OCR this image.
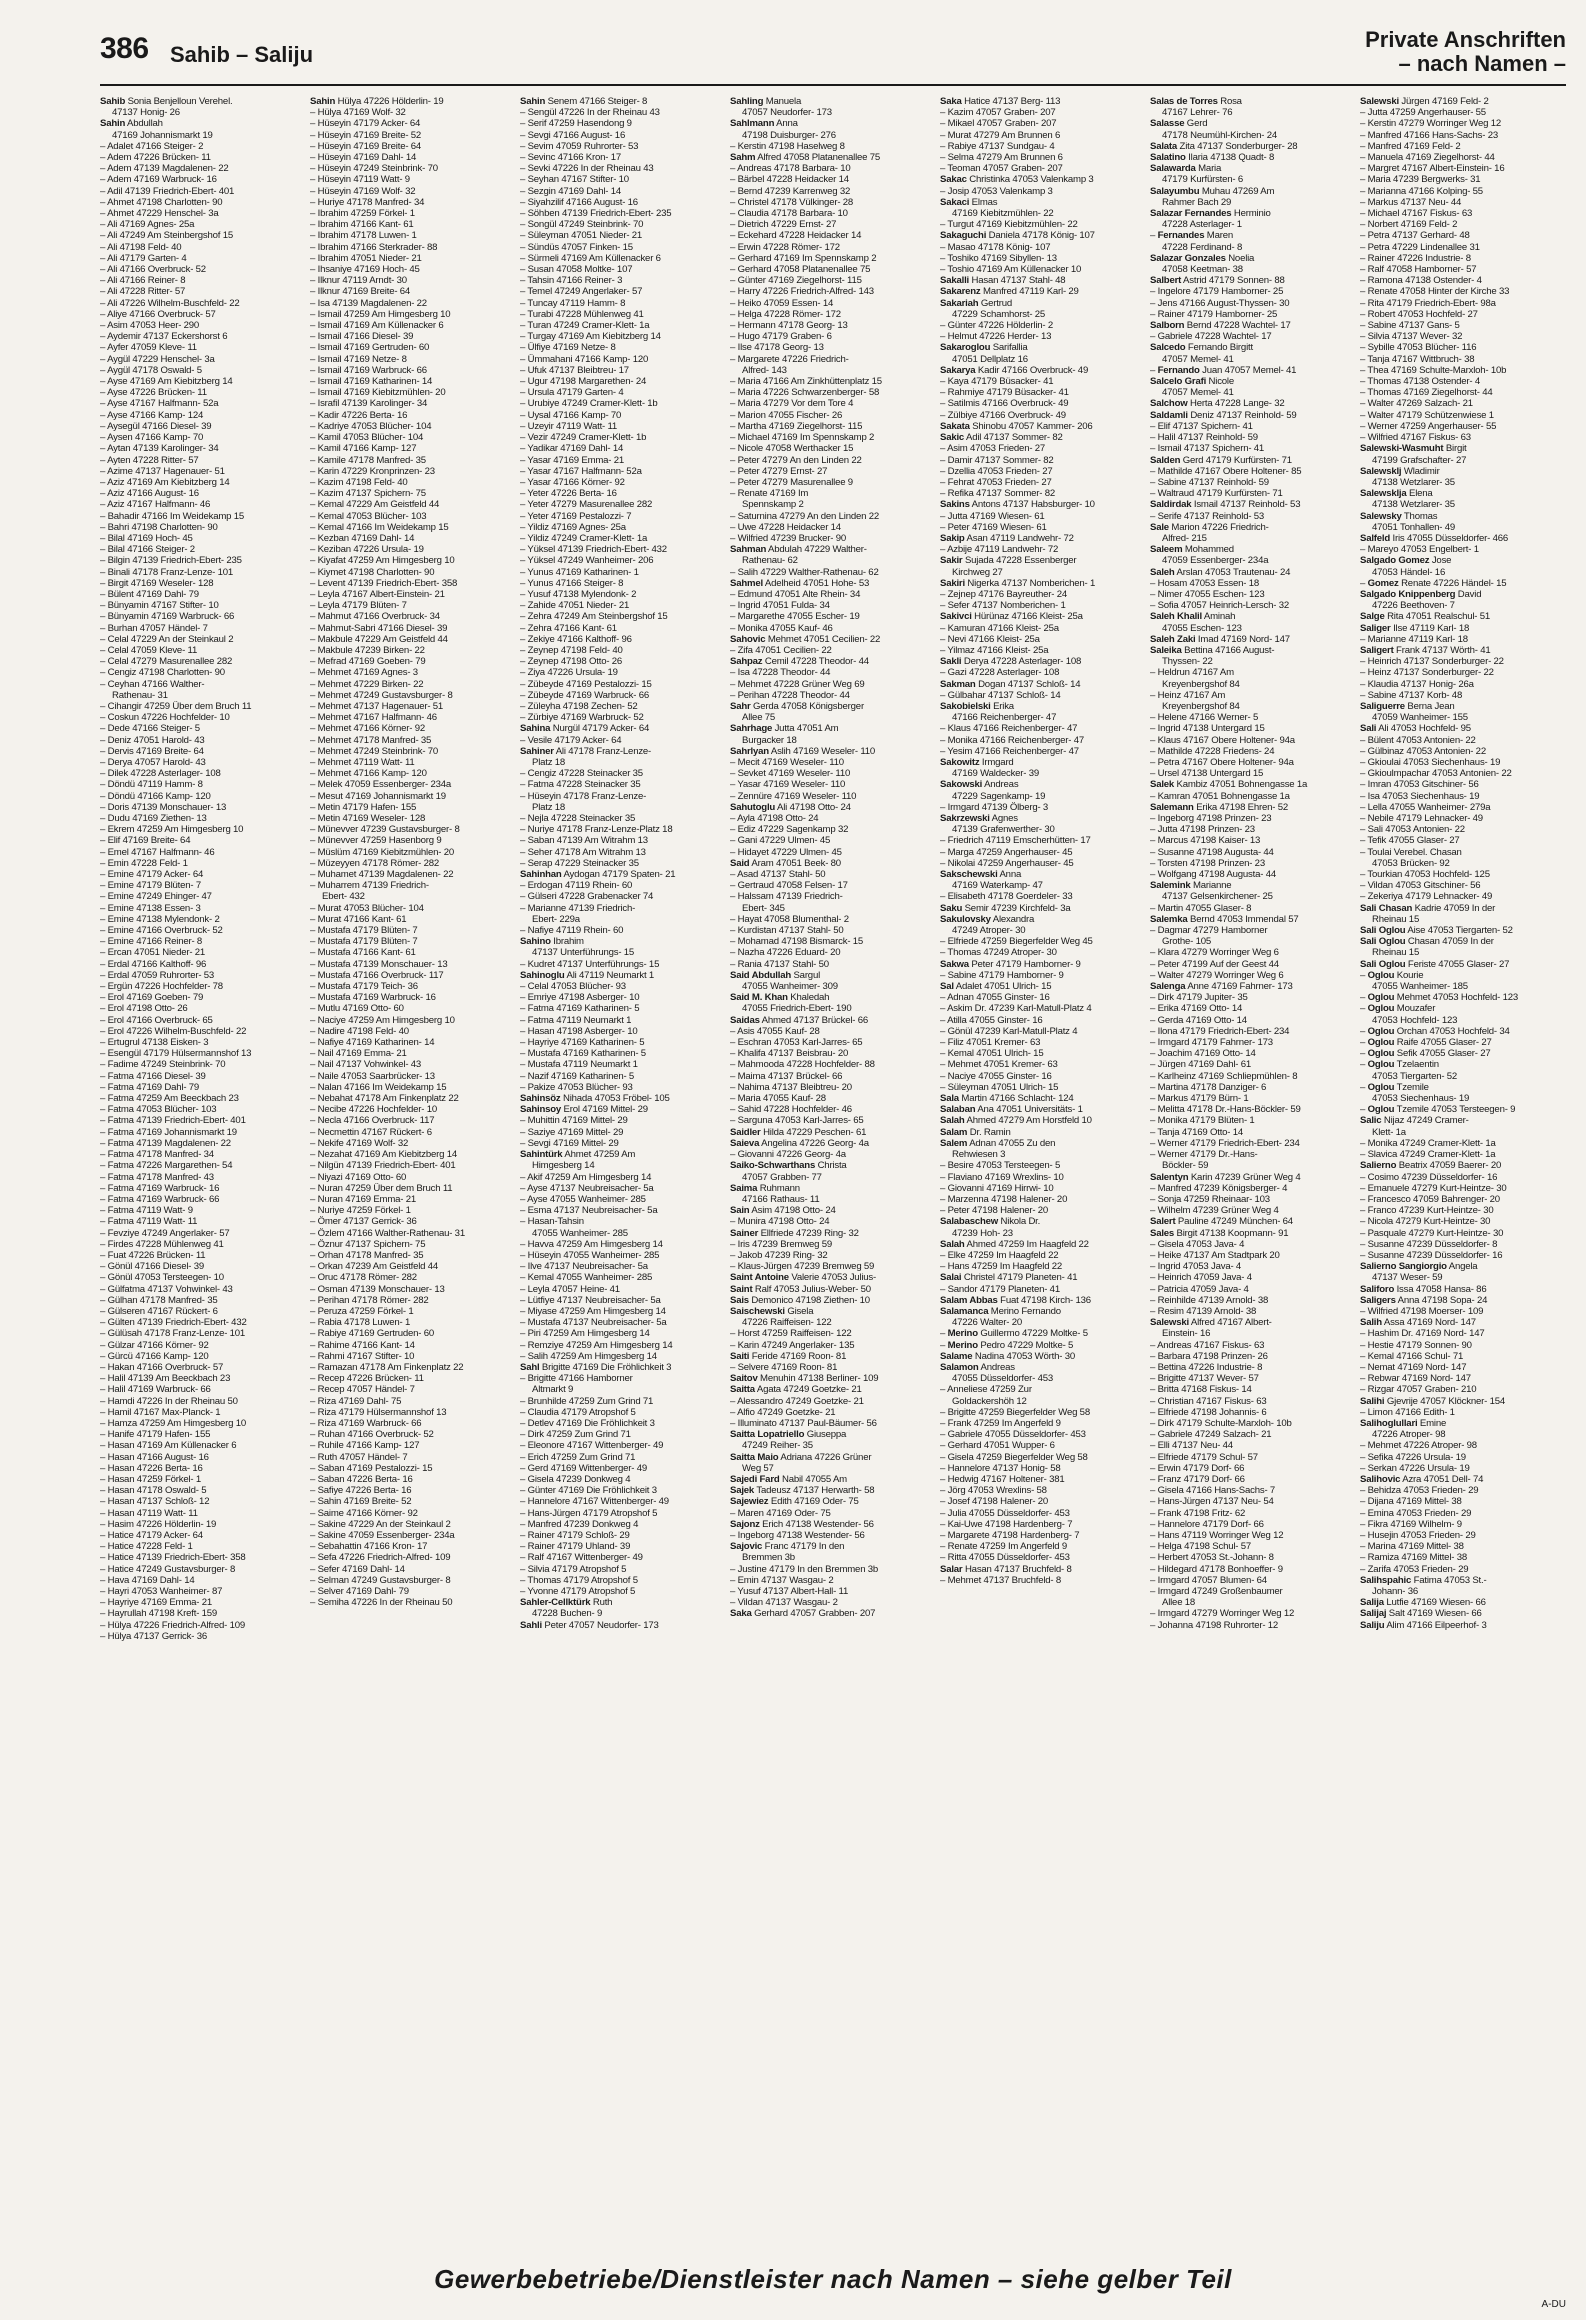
386 Sahib – Saliju
Private Anschriften
– nach Namen –
Sahib Sonia Benjelloun Verehel.
47137 Honig- 26
Sahin Abdullah
47169 Johannismarkt 19
– Adalet 47166 Steiger- 2
– Adem 47226 Brücken- 11
– Adem 47139 Magdalenen- 22
– Adem 47169 Warbruck- 16
– Adil 47139 Friedrich-Ebert- 401
– Ahmet 47198 Charlotten- 90
– Ahmet 47229 Henschel- 3a
– Ali 47169 Agnes- 25a
– Ali 47249 Am Steinbergshof 15
– Ali 47198 Feld- 40
– Ali 47179 Garten- 4
– Ali 47166 Overbruck- 52
– Ali 47166 Reiner- 8
– Ali 47228 Ritter- 57
– Ali 47226 Wilhelm-Buschfeld- 22
– Aliye 47166 Overbruck- 57
– Asim 47053 Heer- 290
– Aydemir 47137 Eckershorst 6
– Ayfer 47059 Kleve- 11
– Aygül 47229 Henschel- 3a
– Aygül 47178 Oswald- 5
– Ayse 47169 Am Kiebitzberg 14
– Ayse 47226 Brücken- 11
– Ayse 47167 Halfmann- 52a
– Ayse 47166 Kamp- 124
– Aysegül 47166 Diesel- 39
– Aysen 47166 Kamp- 70
– Aytan 47139 Karolinger- 34
– Ayten 47228 Ritter- 57
– Azime 47137 Hagenauer- 51
– Aziz 47169 Am Kiebitzberg 14
– Aziz 47166 August- 16
– Aziz 47167 Halfmann- 46
– Bahadir 47166 Im Weidekamp 15
– Bahri 47198 Charlotten- 90
– Bilal 47169 Hoch- 45
– Bilal 47166 Steiger- 2
– Bilgin 47139 Friedrich-Ebert- 235
– Binali 47178 Franz-Lenze- 101
– Birgit 47169 Weseler- 128
– Bülent 47169 Dahl- 79
– Bünyamin 47167 Stifter- 10
– Bünyamin 47169 Warbruck- 66
– Burhan 47057 Händel- 7
– Celal 47229 An der Steinkaul 2
– Celal 47059 Kleve- 11
– Celal 47279 Masurenallee 282
– Cengiz 47198 Charlotten- 90
– Ceyhan 47166 Walther-
Rathenau- 31
– Cihangir 47259 Über dem Bruch 11
– Coskun 47226 Hochfelder- 10
– Dede 47166 Steiger- 5
– Deniz 47051 Harold- 43
– Dervis 47169 Breite- 64
– Derya 47057 Harold- 43
– Dilek 47228 Asterlager- 108
– Döndü 47119 Hamm- 8
– Döndü 47166 Kamp- 120
– Doris 47139 Monschauer- 13
– Dudu 47169 Ziethen- 13
– Ekrem 47259 Am Himgesberg 10
– Elif 47169 Breite- 64
– Emel 47167 Halfmann- 46
– Emin 47228 Feld- 1
– Emine 47179 Acker- 64
– Emine 47179 Blüten- 7
– Emine 47249 Ehinger- 47
– Emine 47138 Essen- 3
– Emine 47138 Mylendonk- 2
– Emine 47166 Overbruck- 52
– Emine 47166 Reiner- 8
– Ercan 47051 Nieder- 21
– Erdal 47166 Kalthoff- 96
– Erdal 47059 Ruhrorter- 53
– Ergün 47226 Hochfelder- 78
– Erol 47169 Goeben- 79
– Erol 47198 Otto- 26
– Erol 47166 Overbruck- 65
– Erol 47226 Wilhelm-Buschfeld- 22
– Ertugrul 47138 Eisken- 3
– Esengül 47179 Hülsermannshof 13
– Fadime 47249 Steinbrink- 70
– Fatma 47166 Diesel- 39
– Fatma 47169 Dahl- 79
– Fatma 47259 Am Beeckbach 23
– Fatma 47053 Blücher- 103
– Fatma 47139 Friedrich-Ebert- 401
– Fatma 47169 Johannismarkt 19
– Fatma 47139 Magdalenen- 22
– Fatma 47178 Manfred- 34
– Fatma 47226 Margarethen- 54
– Fatma 47178 Manfred- 43
– Fatma 47169 Warbruck- 16
– Fatma 47169 Warbruck- 66
– Fatma 47119 Watt- 9
– Fatma 47119 Watt- 11
– Fevziye 47249 Angerlaker- 57
– Firdes 47228 Mühlenweg 41
– Fuat 47226 Brücken- 11
– Gönül 47166 Diesel- 39
– Gönül 47053 Tersteegen- 10
– Gülfatma 47137 Vohwinkel- 43
– Gülhan 47178 Manfred- 35
– Gülseren 47167 Rückert- 6
– Gülten 47139 Friedrich-Ebert- 432
– Gülüsah 47178 Franz-Lenze- 101
– Gülzar 47166 Körner- 92
– Gürcü 47166 Kamp- 120
– Hakan 47166 Overbruck- 57
– Halil 47139 Am Beeckbach 23
– Halil 47169 Warbruck- 66
– Hamdi 47226 In der Rheinau 50
– Hamil 47167 Max-Planck- 1
– Hamza 47259 Am Himgesberg 10
– Hanife 47179 Hafen- 155
– Hasan 47169 Am Küllenacker 6
– Hasan 47166 August- 16
– Hasan 47226 Berta- 16
– Hasan 47259 Förkel- 1
– Hasan 47178 Oswald- 5
– Hasan 47137 Schloß- 12
– Hasan 47119 Watt- 11
– Hasim 47226 Hölderlin- 19
– Hatice 47179 Acker- 64
– Hatice 47228 Feld- 1
– Hatice 47139 Friedrich-Ebert- 358
– Hatice 47249 Gustavsburger- 8
– Hava 47169 Dahl- 14
– Hayri 47053 Wanheimer- 87
– Hayriye 47169 Emma- 21
– Hayrullah 47198 Kreft- 159
– Hülya 47226 Friedrich-Alfred- 109
– Hülya 47137 Gerrick- 36
Sahin Hülya 47226 Hölderlin- 19
– Hülya 47169 Wolf- 32
– Hüseyin 47179 Acker- 64
– Hüseyin 47169 Breite- 52
– Hüseyin 47169 Breite- 64
– Hüseyin 47169 Dahl- 14
– Hüseyin 47249 Steinbrink- 70
– Hüseyin 47119 Watt- 9
– Hüseyin 47169 Wolf- 32
– Huriye 47178 Manfred- 34
– Ibrahim 47259 Förkel- 1
– Ibrahim 47166 Kant- 61
– Ibrahim 47178 Luwen- 1
– Ibrahim 47166 Sterkrader- 88
– Ibrahim 47051 Nieder- 21
– Ihsaniye 47169 Hoch- 45
– Ilknur 47119 Arndt- 30
– Ilknur 47169 Breite- 64
– Isa 47139 Magdalenen- 22
– Ismail 47259 Am Himgesberg 10
– Ismail 47169 Am Küllenacker 6
– Ismail 47166 Diesel- 39
– Ismail 47169 Gertruden- 60
– Ismail 47169 Netze- 8
– Ismail 47169 Warbruck- 66
– Ismail 47169 Katharinen- 14
– Ismail 47169 Kiebitzmühlen- 20
– Israfil 47139 Karolinger- 34
– Kadir 47226 Berta- 16
– Kadriye 47053 Blücher- 104
– Kamil 47053 Blücher- 104
– Kamil 47166 Kamp- 127
– Kamile 47178 Manfred- 35
– Karin 47229 Kronprinzen- 23
– Kazim 47198 Feld- 40
– Kazim 47137 Spichern- 75
– Kemal 47229 Am Geistfeld 44
– Kemal 47053 Blücher- 103
– Kemal 47166 Im Weidekamp 15
– Kezban 47169 Dahl- 14
– Keziban 47226 Ursula- 19
– Kiyafat 47259 Am Himgesberg 10
– Kiymet 47198 Charlotten- 90
– Levent 47139 Friedrich-Ebert- 358
– Leyla 47167 Albert-Einstein- 21
– Leyla 47179 Blüten- 7
– Mahmut 47166 Overbruck- 34
– Mahmut-Sabri 47166 Diesel- 39
– Makbule 47229 Am Geistfeld 44
– Makbule 47239 Birken- 22
– Mefrad 47169 Goeben- 79
– Mehmet 47169 Agnes- 3
– Mehmet 47229 Birken- 22
– Mehmet 47249 Gustavsburger- 8
– Mehmet 47137 Hagenauer- 51
– Mehmet 47167 Halfmann- 46
– Mehmet 47166 Körner- 92
– Mehmet 47178 Manfred- 35
– Mehmet 47249 Steinbrink- 70
– Mehmet 47119 Watt- 11
– Mehmet 47166 Kamp- 120
– Melek 47059 Essenberger- 234a
– Mesut 47169 Johannismarkt 19
– Metin 47179 Hafen- 155
– Metin 47169 Weseler- 128
– Münevver 47239 Gustavsburger- 8
– Münevver 47259 Hasenborg 9
– Müslüm 47169 Kiebitzmühlen- 20
– Müzeyyen 47178 Römer- 282
– Muhamet 47139 Magdalenen- 22
– Muharrem 47139 Friedrich-
Ebert- 432
– Murat 47053 Blücher- 104
– Murat 47166 Kant- 61
– Mustafa 47179 Blüten- 7
– Mustafa 47179 Blüten- 7
– Mustafa 47166 Kant- 61
– Mustafa 47139 Monschauer- 13
– Mustafa 47166 Overbruck- 117
– Mustafa 47179 Teich- 36
– Mustafa 47169 Warbruck- 16
– Mutlu 47169 Otto- 60
– Naciye 47259 Am Himgesberg 10
– Nadire 47198 Feld- 40
– Nafiye 47169 Katharinen- 14
– Nail 47169 Emma- 21
– Nail 47137 Vohwinkel- 43
– Naile 47053 Saarbrücker- 13
– Nalan 47166 Im Weidekamp 15
– Nebahat 47178 Am Finkenplatz 22
– Necibe 47226 Hochfelder- 10
– Necla 47166 Overbruck- 117
– Necmettin 47167 Rückert- 6
– Nekife 47169 Wolf- 32
– Nezahat 47169 Am Kiebitzberg 14
– Nilgün 47139 Friedrich-Ebert- 401
– Niyazi 47169 Otto- 60
– Nuran 47259 Über dem Bruch 11
– Nuran 47169 Emma- 21
– Nuriye 47259 Förkel- 1
– Ömer 47137 Gerrick- 36
– Özlem 47166 Walther-Rathenau- 31
– Öznur 47137 Spichern- 75
– Orhan 47178 Manfred- 35
– Orkan 47239 Am Geistfeld 44
– Oruc 47178 Römer- 282
– Osman 47139 Monschauer- 13
– Perihan 47178 Römer- 282
– Peruza 47259 Förkel- 1
– Rabia 47178 Luwen- 1
– Rabiye 47169 Gertruden- 60
– Rahime 47166 Kant- 14
– Rahmi 47167 Stifter- 10
– Ramazan 47178 Am Finkenplatz 22
– Recep 47226 Brücken- 11
– Recep 47057 Händel- 7
– Riza 47169 Dahl- 75
– Riza 47179 Hülsermannshof 13
– Riza 47169 Warbruck- 66
– Ruhan 47166 Overbruck- 52
– Ruhile 47166 Kamp- 127
– Ruth 47057 Händel- 7
– Saban 47169 Pestalozzi- 15
– Saban 47226 Berta- 16
– Safiye 47226 Berta- 16
– Sahin 47169 Breite- 52
– Saime 47166 Körner- 92
– Sakine 47229 An der Steinkaul 2
– Sakine 47059 Essenberger- 234a
– Sebahattin 47166 Kron- 17
– Sefa 47226 Friedrich-Alfred- 109
– Sefer 47169 Dahl- 14
– Selman 47249 Gustavsburger- 8
– Selver 47169 Dahl- 79
– Semiha 47226 In der Rheinau 50
Sahin Senem 47166 Steiger- 8
– Sengül 47226 In der Rheinau 43
– Serif 47259 Hasendong 9
– Sevgi 47166 August- 16
– Sevim 47059 Ruhrorter- 53
– Sevinc 47166 Kron- 17
– Sevki 47226 In der Rheinau 43
– Seyhan 47167 Stifter- 10
– Sezgin 47169 Dahl- 14
– Siyahzilif 47166 August- 16
– Söhben 47139 Friedrich-Ebert- 235
– Songül 47249 Steinbrink- 70
– Süleyman 47051 Nieder- 21
– Sündüs 47057 Finken- 15
– Sürmeli 47169 Am Küllenacker 6
– Susan 47058 Moltke- 107
– Tahsin 47166 Reiner- 3
– Temel 47249 Angerlaker- 57
– Tuncay 47119 Hamm- 8
– Turabi 47228 Mühlenweg 41
– Turan 47249 Cramer-Klett- 1a
– Turgay 47169 Am Kiebitzberg 14
– Ülfiye 47169 Netze- 8
– Ümmahani 47166 Kamp- 120
– Ufuk 47137 Bleibtreu- 17
– Ugur 47198 Margarethen- 24
– Ursula 47179 Garten- 4
– Urubiye 47249 Cramer-Klett- 1b
– Uysal 47166 Kamp- 70
– Uzeyir 47119 Watt- 11
– Vezir 47249 Cramer-Klett- 1b
– Yadikar 47169 Dahl- 14
– Yasar 47169 Emma- 21
– Yasar 47167 Halfmann- 52a
– Yasar 47166 Körner- 92
– Yeter 47226 Berta- 16
– Yeter 47279 Masurenallee 282
– Yeter 47169 Pestalozzi- 7
– Yildiz 47169 Agnes- 25a
– Yildiz 47249 Cramer-Klett- 1a
– Yüksel 47139 Friedrich-Ebert- 432
– Yüksel 47249 Wanheimer- 206
– Yunus 47169 Katharinen- 1
– Yunus 47166 Steiger- 8
– Yusuf 47138 Mylendonk- 2
– Zahide 47051 Nieder- 21
– Zehra 47249 Am Steinbergshof 15
– Zehra 47166 Kant- 61
– Zekiye 47166 Kalthoff- 96
– Zeynep 47198 Feld- 40
– Zeynep 47198 Otto- 26
– Ziya 47226 Ursula- 19
– Zübeyde 47169 Pestalozzi- 15
– Zübeyde 47169 Warbruck- 66
– Züleyha 47198 Zechen- 52
– Zürbiye 47169 Warbruck- 52
Sahina Nurgül 47179 Acker- 64
– Vesile 47179 Acker- 64
Sahiner Ali 47178 Franz-Lenze-
Platz 18
– Cengiz 47228 Steinacker 35
– Fatma 47228 Steinacker 35
– Hüseyin 47178 Franz-Lenze-
Platz 18
– Nejla 47228 Steinacker 35
– Nuriye 47178 Franz-Lenze-Platz 18
– Saban 47139 Am Witrahm 13
– Seher 47178 Am Witrahm 13
– Serap 47229 Steinacker 35
Sahinhan Aydogan 47179 Spaten- 21
– Erdogan 47119 Rhein- 60
– Gülseri 47228 Grabenacker 74
– Marianne 47139 Friedrich-
Ebert- 229a
– Nafiye 47119 Rhein- 60
Sahino Ibrahim
47137 Unterführungs- 15
– Kudret 47137 Unterführungs- 15
Sahinoglu Ali 47119 Neumarkt 1
– Celal 47053 Blücher- 93
– Emriye 47198 Asberger- 10
– Fatma 47169 Katharinen- 5
– Fatma 47119 Neumarkt 1
– Hasan 47198 Asberger- 10
– Hayriye 47169 Katharinen- 5
– Mustafa 47169 Katharinen- 5
– Mustafa 47119 Neumarkt 1
– Nazif 47169 Katharinen- 5
– Pakize 47053 Blücher- 93
Sahinsöz Nihada 47053 Fröbel- 105
Sahinsoy Erol 47169 Mittel- 29
– Muhittin 47169 Mittel- 29
– Saziye 47169 Mittel- 29
– Sevgi 47169 Mittel- 29
Sahintürk Ahmet 47259 Am
Himgesberg 14
– Akif 47259 Am Himgesberg 14
– Ayse 47137 Neubreisacher- 5a
– Ayse 47055 Wanheimer- 285
– Esma 47137 Neubreisacher- 5a
– Hasan-Tahsin
47055 Wanheimer- 285
– Havva 47259 Am Himgesberg 14
– Hüseyin 47055 Wanheimer- 285
– Ilve 47137 Neubreisacher- 5a
– Kemal 47055 Wanheimer- 285
– Leyla 47057 Heine- 41
– Lütfiye 47137 Neubreisacher- 5a
– Miyase 47259 Am Himgesberg 14
– Mustafa 47137 Neubreisacher- 5a
– Piri 47259 Am Himgesberg 14
– Remziye 47259 Am Himgesberg 14
– Salih 47259 Am Himgesberg 14
Sahl Brigitte 47169 Die Fröhlichkeit 3
– Brigitte 47166 Hamborner
Altmarkt 9
– Brunhilde 47259 Zum Grind 71
– Claudia 47179 Atropshof 5
– Detlev 47169 Die Fröhlichkeit 3
– Dirk 47259 Zum Grind 71
– Eleonore 47167 Wittenberger- 49
– Erich 47259 Zum Grind 71
– Gerd 47169 Wittenberger- 49
– Gisela 47239 Donkweg 4
– Günter 47169 Die Fröhlichkeit 3
– Hannelore 47167 Wittenberger- 49
– Hans-Jürgen 47179 Atropshof 5
– Manfred 47239 Donkweg 4
– Rainer 47179 Schloß- 29
– Rainer 47179 Uhland- 39
– Ralf 47167 Wittenberger- 49
– Silvia 47179 Atropshof 5
– Thomas 47179 Atropshof 5
– Yvonne 47179 Atropshof 5
Sahler-Cellktürk Ruth
47228 Buchen- 9
Sahli Peter 47057 Neudorfer- 173
Sahling Manuela
47057 Neudorfer- 173
Sahlmann Anna
47198 Duisburger- 276
– Kerstin 47198 Haselweg 8
Sahm Alfred 47058 Platanenallee 75
– Andreas 47178 Barbara- 10
– Bärbel 47228 Heidacker 14
– Bernd 47239 Karrenweg 32
– Christel 47178 Vülkinger- 28
– Claudia 47178 Barbara- 10
– Dietrich 47229 Ernst- 27
– Eckehard 47228 Heidacker 14
– Erwin 47228 Römer- 172
– Gerhard 47169 Im Spennskamp 2
– Gerhard 47058 Platanenallee 75
– Günter 47169 Ziegelhorst- 115
– Harry 47226 Friedrich-Alfred- 143
– Heiko 47059 Essen- 14
– Helga 47228 Römer- 172
– Hermann 47178 Georg- 13
– Hugo 47179 Graben- 6
– Ilse 47178 Georg- 13
– Margarete 47226 Friedrich-
Alfred- 143
– Maria 47166 Am Zinkhüttenplatz 15
– Maria 47226 Schwarzenberger- 58
– Maria 47279 Vor dem Tore 4
– Marion 47055 Fischer- 26
– Martha 47169 Ziegelhorst- 115
– Michael 47169 Im Spennskamp 2
– Nicole 47058 Werthacker 15
– Peter 47279 An den Linden 22
– Peter 47279 Ernst- 27
– Peter 47279 Masurenallee 9
– Renate 47169 Im
Spennskamp 2
– Saturnina 47279 An den Linden 22
– Uwe 47228 Heidacker 14
– Wilfried 47239 Brucker- 90
Sahman Abdulah 47229 Walther-
Rathenau- 62
– Salih 47229 Walther-Rathenau- 62
Sahmel Adelheid 47051 Hohe- 53
– Edmund 47051 Alte Rhein- 34
– Ingrid 47051 Fulda- 34
– Margarethe 47055 Escher- 19
– Monika 47055 Kauf- 46
Sahovic Mehmet 47051 Cecilien- 22
– Zifa 47051 Cecilien- 22
Sahpaz Cemil 47228 Theodor- 44
– Isa 47228 Theodor- 44
– Mehmet 47228 Grüner Weg 69
– Perihan 47228 Theodor- 44
Sahr Gerda 47058 Königsberger
Allee 75
Sahrhage Jutta 47051 Am
Burgacker 18
Sahrlyan Aslih 47169 Weseler- 110
– Mecit 47169 Weseler- 110
– Sevket 47169 Weseler- 110
– Yasar 47169 Weseler- 110
– Zennüre 47169 Weseler- 110
Sahutoglu Ali 47198 Otto- 24
– Ayla 47198 Otto- 24
– Ediz 47229 Sagenkamp 32
– Gani 47229 Ulmen- 45
– Hidayet 47229 Ulmen- 45
Said Aram 47051 Beek- 80
– Asad 47137 Stahl- 50
– Gertraud 47058 Felsen- 17
– Halssam 47139 Friedrich-
Ebert- 345
– Hayat 47058 Blumenthal- 2
– Kurdistan 47137 Stahl- 50
– Mohamad 47198 Bismarck- 15
– Nazha 47226 Eduard- 20
– Rania 47137 Stahl- 50
Said Abdullah Sargul
47055 Wanheimer- 309
Said M. Khan Khaledah
47055 Friedrich-Ebert- 190
Saidas Ahmed 47137 Brückel- 66
– Asis 47055 Kauf- 28
– Eschran 47053 Karl-Jarres- 65
– Khalifa 47137 Beisbrau- 20
– Mahmooda 47228 Hochfelder- 88
– Maima 47137 Brückel- 66
– Nahima 47137 Bleibtreu- 20
– Maria 47055 Kauf- 28
– Sahid 47228 Hochfelder- 46
– Sarguna 47053 Karl-Jarres- 65
Saidler Hilda 47229 Peschen- 61
Saieva Angelina 47226 Georg- 4a
– Giovanni 47226 Georg- 4a
Saiko-Schwarthans Christa
47057 Grabben- 77
Saima Ruhmann
47166 Rathaus- 11
Sain Asim 47198 Otto- 24
– Munira 47198 Otto- 24
Sainer Ellfriede 47239 Ring- 32
– Iris 47239 Bremweg 59
– Jakob 47239 Ring- 32
– Klaus-Jürgen 47239 Bremweg 59
Saint Antoine Valerie 47053 Julius-
Saint Ralf 47053 Julius-Weber- 50
Sais Demonico 47198 Ziethen- 10
Saischewski Gisela
47226 Raiffeisen- 122
– Horst 47259 Raiffeisen- 122
– Karin 47249 Angerlaker- 135
Saiti Feride 47169 Roon- 81
– Selvere 47169 Roon- 81
Saitov Menuhin 47138 Berliner- 109
Saitta Agata 47249 Goetzke- 21
– Alessandro 47249 Goetzke- 21
– Alfio 47249 Goetzke- 21
– Illuminato 47137 Paul-Bäumer- 56
Saitta Lopatriello Giuseppa
47249 Reiher- 35
Saitta Maio Adriana 47226 Grüner
Weg 57
Sajedi Fard Nabil 47055 Am
Sajek Tadeusz 47137 Herwarth- 58
Sajewiez Edith 47169 Oder- 75
– Maren 47169 Oder- 75
Sajonz Erich 47138 Westender- 56
– Ingeborg 47138 Westender- 56
Sajovic Franc 47179 In den
Bremmen 3b
– Justine 47179 In den Bremmen 3b
– Emin 47137 Wasgau- 2
– Yusuf 47137 Albert-Hall- 11
– Vildan 47137 Wasgau- 2
Saka Gerhard 47057 Grabben- 207
Saka Hatice 47137 Berg- 113
– Kazim 47057 Graben- 207
– Mikael 47057 Graben- 207
– Murat 47279 Am Brunnen 6
– Rabiye 47137 Sundgau- 4
– Selma 47279 Am Brunnen 6
– Teoman 47057 Graben- 207
Sakac Christinka 47053 Valenkamp 3
– Josip 47053 Valenkamp 3
Sakaci Elmas
47169 Kiebitzmühlen- 22
– Turgut 47169 Kiebitzmühlen- 22
Sakaguchi Daniela 47178 König- 107
– Masao 47178 König- 107
– Toshiko 47169 Sibyllen- 13
– Toshio 47169 Am Küllenacker 10
Sakalli Hasan 47137 Stahl- 48
Sakarenz Manfred 47119 Karl- 29
Sakariah Gertrud
47229 Schamhorst- 25
– Günter 47226 Hölderlin- 2
– Helmut 47226 Herder- 13
Sakaroglou Sarifallia
47051 Dellplatz 16
Sakarya Kadir 47166 Overbruck- 49
– Kaya 47179 Büsacker- 41
– Rahmiye 47179 Büsacker- 41
– Satilmis 47166 Overbruck- 49
– Zülbiye 47166 Overbruck- 49
Sakata Shinobu 47057 Kammer- 206
Sakic Adil 47137 Sommer- 82
– Asim 47053 Frieden- 27
– Damir 47137 Sommer- 82
– Dzellia 47053 Frieden- 27
– Fehrat 47053 Frieden- 27
– Refika 47137 Sommer- 82
Sakins Antons 47137 Habsburger- 10
– Jutta 47169 Wiesen- 61
– Peter 47169 Wiesen- 61
Sakip Asan 47119 Landwehr- 72
– Azbije 47119 Landwehr- 72
Sakir Sujada 47228 Essenberger
Kirchweg 27
Sakiri Nigerka 47137 Nomberichen- 1
– Zejnep 47176 Bayreuther- 24
– Sefer 47137 Nomberichen- 1
Sakivci Hürünaz 47166 Kleist- 25a
– Kamuran 47166 Kleist- 25a
– Nevi 47166 Kleist- 25a
– Yilmaz 47166 Kleist- 25a
Sakli Derya 47228 Asterlager- 108
– Gazi 47228 Asterlager- 108
Sakman Dogan 47137 Schloß- 14
– Gülbahar 47137 Schloß- 14
Sakobielski Erika
47166 Reichenberger- 47
– Klaus 47166 Reichenberger- 47
– Monika 47166 Reichenberger- 47
– Yesim 47166 Reichenberger- 47
Sakowitz Irmgard
47169 Waldecker- 39
Sakowski Andreas
47229 Sagenkamp- 19
– Irmgard 47139 Ölberg- 3
Sakrzewski Agnes
47139 Grafenwerther- 30
– Friedrich 47119 Emscherhütten- 17
– Marga 47259 Angerhauser- 45
– Nikolai 47259 Angerhauser- 45
Sakschewski Anna
47169 Waterkamp- 47
– Elisabeth 47178 Goerdeler- 33
Saku Semir 47239 Kirchfeld- 3a
Sakulovsky Alexandra
47249 Atroper- 30
– Elfriede 47259 Biegerfelder Weg 45
– Thomas 47249 Atroper- 30
Sakwa Peter 47179 Hamborner- 9
– Sabine 47179 Hamborner- 9
Sal Adalet 47051 Ulrich- 15
– Adnan 47055 Ginster- 16
– Askim Dr. 47239 Karl-Matull-Platz 4
– Atilla 47055 Ginster- 16
– Gönül 47239 Karl-Matull-Platz 4
– Filiz 47051 Kremer- 63
– Kemal 47051 Ulrich- 15
– Mehmet 47051 Kremer- 63
– Naciye 47055 Ginster- 16
– Süleyman 47051 Ulrich- 15
Sala Martin 47166 Schlacht- 124
Salaban Ana 47051 Universitäts- 1
Salah Ahmed 47279 Am Horstfeld 10
Salam Dr. Ramin
Salem Adnan 47055 Zu den
Rehwiesen 3
– Besire 47053 Tersteegen- 5
– Flaviano 47169 Wrexlins- 10
– Giovanni 47169 Hirrwi- 10
– Marzenna 47198 Halener- 20
– Peter 47198 Halener- 20
Salabaschew Nikola Dr.
47239 Hoh- 23
Salah Ahmed 47259 Im Haagfeld 22
– Elke 47259 Im Haagfeld 22
– Hans 47259 Im Haagfeld 22
Salai Christel 47179 Planeten- 41
– Sandor 47179 Planeten- 41
Salam Abbas Fuat 47198 Kirch- 136
Salamanca Merino Fernando
47226 Walter- 20
– Merino Guillermo 47229 Moltke- 5
– Merino Pedro 47229 Moltke- 5
Salame Nadina 47053 Wörth- 30
Salamon Andreas
47055 Düsseldorfer- 453
– Anneliese 47259 Zur
Goldackershöh 12
– Brigitte 47259 Biegerfelder Weg 58
– Frank 47259 Im Angerfeld 9
– Gabriele 47055 Düsseldorfer- 453
– Gerhard 47051 Wupper- 6
– Gisela 47259 Biegerfelder Weg 58
– Hannelore 47137 Honig- 58
– Hedwig 47167 Holtener- 381
– Jörg 47053 Wrexlins- 58
– Josef 47198 Halener- 20
– Julia 47055 Düsseldorfer- 453
– Kai-Uwe 47198 Hardenberg- 7
– Margarete 47198 Hardenberg- 7
– Renate 47259 Im Angerfeld 9
– Ritta 47055 Düsseldorfer- 453
Salar Hasan 47137 Bruchfeld- 8
– Mehmet 47137 Bruchfeld- 8
Salas de Torres Rosa
47167 Lehrer- 76
Salasse Gerd
47178 Neumühl-Kirchen- 24
Salata Zita 47137 Sonderburger- 28
Salatino Ilaria 47138 Quadt- 8
Salawarda Maria
47179 Kurfürsten- 6
Salayumbu Muhau 47269 Am
Rahmer Bach 29
Salazar Fernandes Herminio
47228 Asterlager- 1
– Fernandes Maren
47228 Ferdinand- 8
Salazar Gonzales Noelia
47058 Keetman- 38
Salbert Astrid 47179 Sonnen- 88
– Ingelore 47179 Hamborner- 25
– Jens 47166 August-Thyssen- 30
– Rainer 47179 Hamborner- 25
Salborn Bernd 47228 Wachtel- 17
– Gabriele 47228 Wachtel- 17
Salcedo Fernando Birgitt
47057 Memel- 41
– Fernando Juan 47057 Memel- 41
Salcelo Grafi Nicole
47057 Memel- 41
Salchow Herta 47228 Lange- 32
Saldamli Deniz 47137 Reinhold- 59
– Elif 47137 Spichern- 41
– Halil 47137 Reinhold- 59
– Ismail 47137 Spichern- 41
Salden Gerd 47179 Kurfürsten- 71
– Mathilde 47167 Obere Holtener- 85
– Sabine 47137 Reinhold- 59
– Waltraud 47179 Kurfürsten- 71
Saldirdak Ismail 47137 Reinhold- 53
– Serife 47137 Reinhold- 53
Sale Marion 47226 Friedrich-
Alfred- 215
Saleem Mohammed
47059 Essenberger- 234a
Saleh Arslan 47053 Trautenau- 24
– Hosam 47053 Essen- 18
– Nimer 47055 Eschen- 123
– Sofia 47057 Heinrich-Lersch- 32
Saleh Khalil Aminah
47055 Eschen- 123
Saleh Zaki Imad 47169 Nord- 147
Saleika Bettina 47166 August-
Thyssen- 22
– Heldrun 47167 Am
Kreyenbergshof 84
– Heinz 47167 Am
Kreyenbergshof 84
– Helene 47166 Werner- 5
– Ingrid 47138 Untergard 15
– Klaus 47167 Obere Holtener- 94a
– Mathilde 47228 Friedens- 24
– Petra 47167 Obere Holtener- 94a
– Ursel 47138 Untergard 15
Salek Kambiz 47051 Bohnengasse 1a
– Kamran 47051 Bohnengasse 1a
Salemann Erika 47198 Ehren- 52
– Ingeborg 47198 Prinzen- 23
– Jutta 47198 Prinzen- 23
– Marcus 47198 Kaiser- 13
– Susanne 47198 Augusta- 44
– Torsten 47198 Prinzen- 23
– Wolfgang 47198 Augusta- 44
Salemink Marianne
47137 Gelsenkirchener- 25
– Martin 47055 Glaser- 8
Salemka Bernd 47053 Immendal 57
– Dagmar 47279 Hamborner
Grothe- 105
– Klara 47279 Worringer Weg 6
– Peter 47199 Auf der Geest 44
– Walter 47279 Worringer Weg 6
Salenga Anne 47169 Fahrner- 173
– Dirk 47179 Jupiter- 35
– Erika 47169 Otto- 14
– Gerda 47169 Otto- 14
– Ilona 47179 Friedrich-Ebert- 234
– Irmgard 47179 Fahrner- 173
– Joachim 47169 Otto- 14
– Jürgen 47169 Dahl- 61
– Karlheinz 47169 Schliepmühlen- 8
– Martina 47178 Danziger- 6
– Markus 47179 Bürn- 1
– Melitta 47178 Dr.-Hans-Böckler- 59
– Monika 47179 Blüten- 1
– Tanja 47169 Otto- 14
– Werner 47179 Friedrich-Ebert- 234
– Werner 47179 Dr.-Hans-
Böckler- 59
Salentyn Karin 47239 Grüner Weg 4
– Manfred 47239 Königsberger- 4
– Sonja 47259 Rheinaar- 103
– Wilhelm 47239 Grüner Weg 4
Salert Pauline 47249 München- 64
Sales Birgit 47138 Koopmann- 91
– Gisela 47053 Java- 4
– Heike 47137 Am Stadtpark 20
– Ingrid 47053 Java- 4
– Heinrich 47059 Java- 4
– Patricia 47059 Java- 4
– Reinhilde 47139 Arnold- 38
– Resim 47139 Arnold- 38
Salewski Alfred 47167 Albert-
Einstein- 16
– Andreas 47167 Fiskus- 63
– Barbara 47198 Prinzen- 26
– Bettina 47226 Industrie- 8
– Brigitte 47137 Wever- 57
– Britta 47168 Fiskus- 14
– Christian 47167 Fiskus- 63
– Elfriede 47198 Johannis- 6
– Dirk 47179 Schulte-Marxloh- 10b
– Gabriele 47249 Salzach- 21
– Elli 47137 Neu- 44
– Elfriede 47179 Schul- 57
– Erwin 47179 Dorf- 66
– Franz 47179 Dorf- 66
– Gisela 47166 Hans-Sachs- 7
– Hans-Jürgen 47137 Neu- 54
– Frank 47198 Fritz- 62
– Hannelore 47179 Dorf- 66
– Hans 47119 Worringer Weg 12
– Helga 47198 Schul- 57
– Herbert 47053 St.-Johann- 8
– Hildegard 47178 Bonhoeffer- 9
– Irmgard 47057 Blumen- 64
– Irmgard 47249 Großenbaumer
Allee 18
– Irmgard 47279 Worringer Weg 12
– Johanna 47198 Ruhrorter- 12
Salewski Jürgen 47169 Feld- 2
– Jutta 47259 Angerhauser- 55
– Kerstin 47279 Worringer Weg 12
– Manfred 47166 Hans-Sachs- 23
– Manfred 47169 Feld- 2
– Manuela 47169 Ziegelhorst- 44
– Margret 47167 Albert-Einstein- 16
– Maria 47239 Bergwerks- 31
– Marianna 47166 Kolping- 55
– Markus 47137 Neu- 44
– Michael 47167 Fiskus- 63
– Norbert 47169 Feld- 2
– Petra 47137 Gerhard- 48
– Petra 47229 Lindenallee 31
– Rainer 47226 Industrie- 8
– Ralf 47058 Hamborner- 57
– Ramona 47138 Ostender- 4
– Renate 47058 Hinter der Kirche 33
– Rita 47179 Friedrich-Ebert- 98a
– Robert 47053 Hochfeld- 27
– Sabine 47137 Gans- 5
– Silvia 47137 Wever- 32
– Sybille 47053 Blücher- 116
– Tanja 47167 Wittbruch- 38
– Thea 47169 Schulte-Marxloh- 10b
– Thomas 47138 Ostender- 4
– Thomas 47169 Ziegelhorst- 44
– Walter 47269 Salzach- 21
– Walter 47179 Schützenwiese 1
– Werner 47259 Angerhauser- 55
– Wilfried 47167 Fiskus- 63
Salewski-Wasmuht Birgit
47199 Grafschafter- 27
Salewsklj Wladimir
47138 Wetzlarer- 35
Salewsklja Elena
47138 Wetzlarer- 35
Salewsky Thomas
47051 Tonhallen- 49
Salfeld Iris 47055 Düsseldorfer- 466
– Mareyo 47053 Engelbert- 1
Salgado Gomez Jose
47053 Händel- 16
– Gomez Renate 47226 Händel- 15
Salgado Knippenberg David
47226 Beethoven- 7
Salge Rita 47051 Realschul- 51
Saliger Ilse 47119 Karl- 18
– Marianne 47119 Karl- 18
Saligert Frank 47137 Wörth- 41
– Heinrich 47137 Sonderburger- 22
– Heinz 47137 Sonderburger- 22
– Klaudia 47137 Honig- 26a
– Sabine 47137 Korb- 48
Saliguerre Berna Jean
47059 Wanheimer- 155
Sali Ali 47053 Hochfeld- 95
– Bülent 47053 Antonien- 22
– Gülbinaz 47053 Antonien- 22
– Gkioulai 47053 Siechenhaus- 19
– Gkioulmpachar 47053 Antonien- 22
– Imran 47053 Gitschiner- 56
– Isa 47053 Siechenhaus- 19
– Lella 47055 Wanheimer- 279a
– Nebile 47179 Lehnacker- 49
– Sali 47053 Antonien- 22
– Tefik 47055 Glaser- 27
– Toulai Verebel. Chasan
47053 Brücken- 92
– Tourkian 47053 Hochfeld- 125
– Vildan 47053 Gitschiner- 56
– Zekeriya 47179 Lehnacker- 49
Sali Chasan Kadrie 47059 In der
Rheinau 15
Sali Oglou Aise 47053 Tiergarten- 52
Sali Oglou Chasan 47059 In der
Rheinau 15
Sali Oglou Feriste 47055 Glaser- 27
– Oglou Kourie
47055 Wanheimer- 185
– Oglou Mehmet 47053 Hochfeld- 123
– Oglou Mouzafer
47053 Hochfeld- 123
– Oglou Orchan 47053 Hochfeld- 34
– Oglou Raife 47055 Glaser- 27
– Oglou Sefik 47055 Glaser- 27
– Oglou Tzelaentin
47053 Tiergarten- 52
– Oglou Tzemile
47053 Siechenhaus- 19
– Oglou Tzemile 47053 Tersteegen- 9
Salic Nijaz 47249 Cramer-
Klett- 1a
– Monika 47249 Cramer-Klett- 1a
– Slavica 47249 Cramer-Klett- 1a
Salierno Beatrix 47059 Baerer- 20
– Cosimo 47239 Düsseldorfer- 16
– Emanuele 47279 Kurt-Heintze- 30
– Francesco 47059 Bahrenger- 20
– Franco 47239 Kurt-Heintze- 30
– Nicola 47279 Kurt-Heintze- 30
– Pasquale 47279 Kurt-Heintze- 30
– Susanne 47239 Düsseldorfer- 8
– Susanne 47239 Düsseldorfer- 16
Salierno Sangiorgio Angela
47137 Weser- 59
Saliforo Issa 47058 Hansa- 86
Saligers Anna 47198 Sopa- 24
– Wilfried 47198 Moerser- 109
Salih Assa 47169 Nord- 147
– Hashim Dr. 47169 Nord- 147
– Hestie 47179 Sonnen- 90
– Kemal 47166 Schul- 71
– Nemat 47169 Nord- 147
– Rebwar 47169 Nord- 147
– Rizgar 47057 Graben- 210
Salihi Gjevrije 47057 Klöckner- 154
– Limon 47166 Edith- 1
Salihoglullari Emine
47226 Atroper- 98
– Mehmet 47226 Atroper- 98
– Sefika 47226 Ursula- 19
– Serkan 47226 Ursula- 19
Salihovic Azra 47051 Dell- 74
– Behidza 47053 Frieden- 29
– Dijana 47169 Mittel- 38
– Emina 47053 Frieden- 29
– Fikra 47169 Wilhelm- 9
– Husejin 47053 Frieden- 29
– Marina 47169 Mittel- 38
– Ramiza 47169 Mittel- 38
– Zarifa 47053 Frieden- 29
Salihspahic Fatima 47053 St.-
Johann- 36
Salija Lutfie 47169 Wiesen- 66
Salijaj Salt 47169 Wiesen- 66
Saliju Alim 47166 Eilpeerhof- 3
Gewerbebetriebe/Dienstleister nach Namen – siehe gelber Teil
A-DU
